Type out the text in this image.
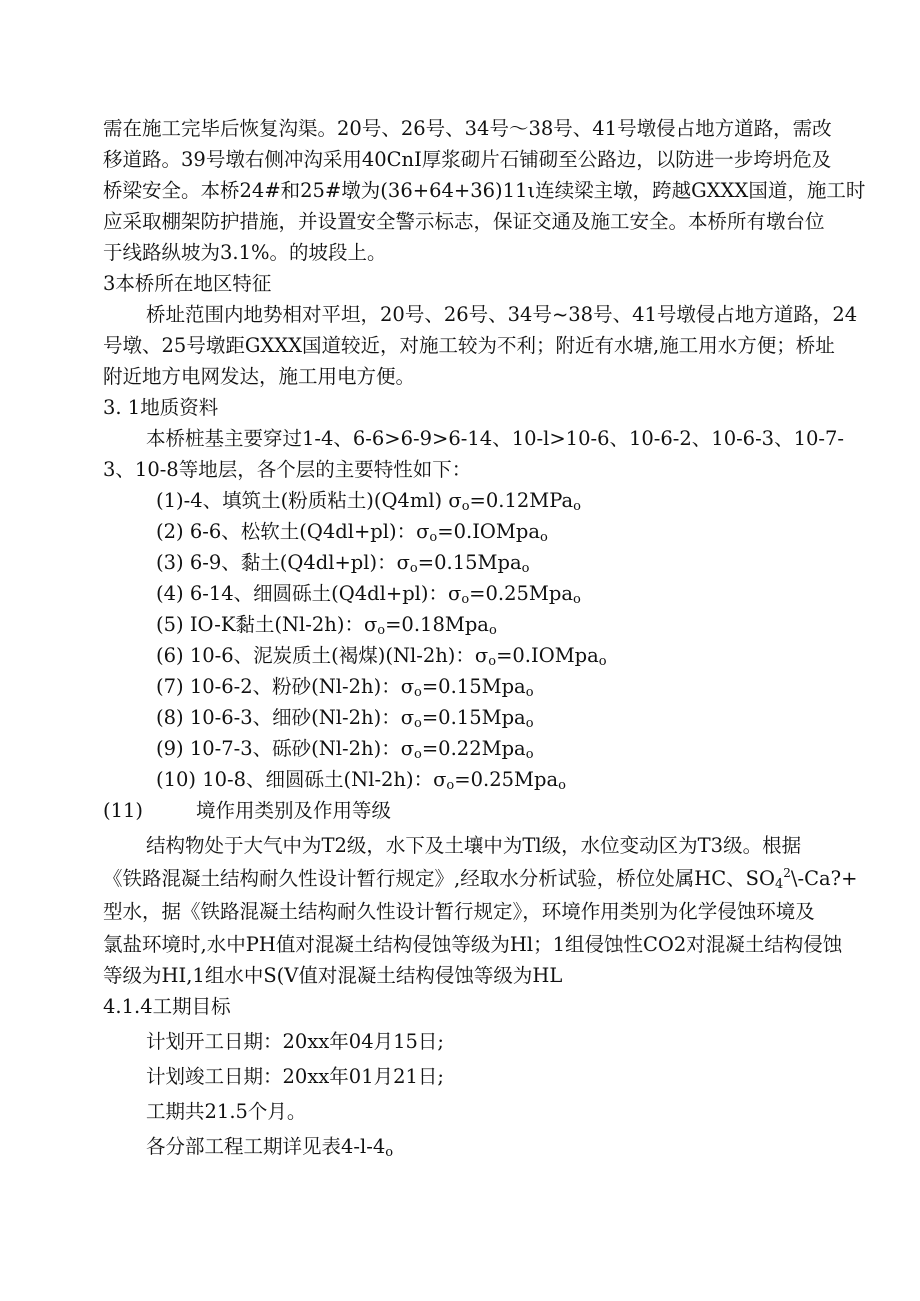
需在施工完毕后恢复沟渠。20号、26号、34号～38号、41号墩侵占地方道路，需改
移道路。39号墩右侧冲沟采用40CnI厚浆砌片石铺砌至公路边，以防进一步垮坍危及
桥梁安全。本桥24#和25#墩为(36+64+36)11ι连续梁主墩，跨越GXXX国道，施工时
应采取棚架防护措施，并设置安全警示标志，保证交通及施工安全。本桥所有墩台位
于线路纵坡为3.1%。的坡段上。
3本桥所在地区特征
桥址范围内地势相对平坦，20号、26号、34号~38号、41号墩侵占地方道路，24
号墩、25号墩距GXXX国道较近，对施工较为不利；附近有水塘,施工用水方便；桥址
附近地方电网发达，施工用电方便。
3. 1地质资料
本桥桩基主要穿过1-4、6-6>6-9>6-14、10-l>10-6、10-6-2、10-6-3、10-7-
3、10-8等地层，各个层的主要特性如下：
(1)-4、填筑土(粉质粘土)(Q4ml) $\sigma_o=0.12MPa_o$
(2) 6-6、松软土(Q4dl+pl)：$\sigma_o=0.IOMpa_o$
(3) 6-9、黏土(Q4dl+pl)：$\sigma_o=0.15Mpa_o$
(4) 6-14、细圆砾土(Q4dl+pl)：$\sigma_o=0.25Mpa_o$
(5) IO-K黏土(Nl-2h)：$\sigma_o=0.18Mpa_o$
(6) 10-6、泥炭质土(褐煤)(Nl-2h)：$\sigma_o=0.IOMpa_o$
(7) 10-6-2、粉砂(Nl-2h)：$\sigma_o=0.15Mpa_o$
(8) 10-6-3、细砂(Nl-2h)：$\sigma_o=0.15Mpa_o$
(9) 10-7-3、砾砂(Nl-2h)：$\sigma_o=0.22Mpa_o$
(10) 10-8、细圆砾土(Nl-2h)：$\sigma_o=0.25Mpa_o$
(11)	境作用类别及作用等级
结构物处于大气中为T2级，水下及土壤中为Tl级，水位变动区为T3级。根据
《铁路混凝土结构耐久性设计暂行规定》,经取水分析试验，桥位处属HC、$SO_4^2\backslash-Ca?+$
型水，据《铁路混凝土结构耐久性设计暂行规定》，环境作用类别为化学侵蚀环境及
氯盐环境时,水中PH值对混凝土结构侵蚀等级为Hl；1组侵蚀性CO2对混凝土结构侵蚀
等级为HI,1组水中S(V值对混凝土结构侵蚀等级为HL
4.1.4工期目标
计划开工日期：20xx年04月15日;
计划竣工日期：20xx年01月21日;
工期共21.5个月。
各分部工程工期详见表$4-l-4_o$
